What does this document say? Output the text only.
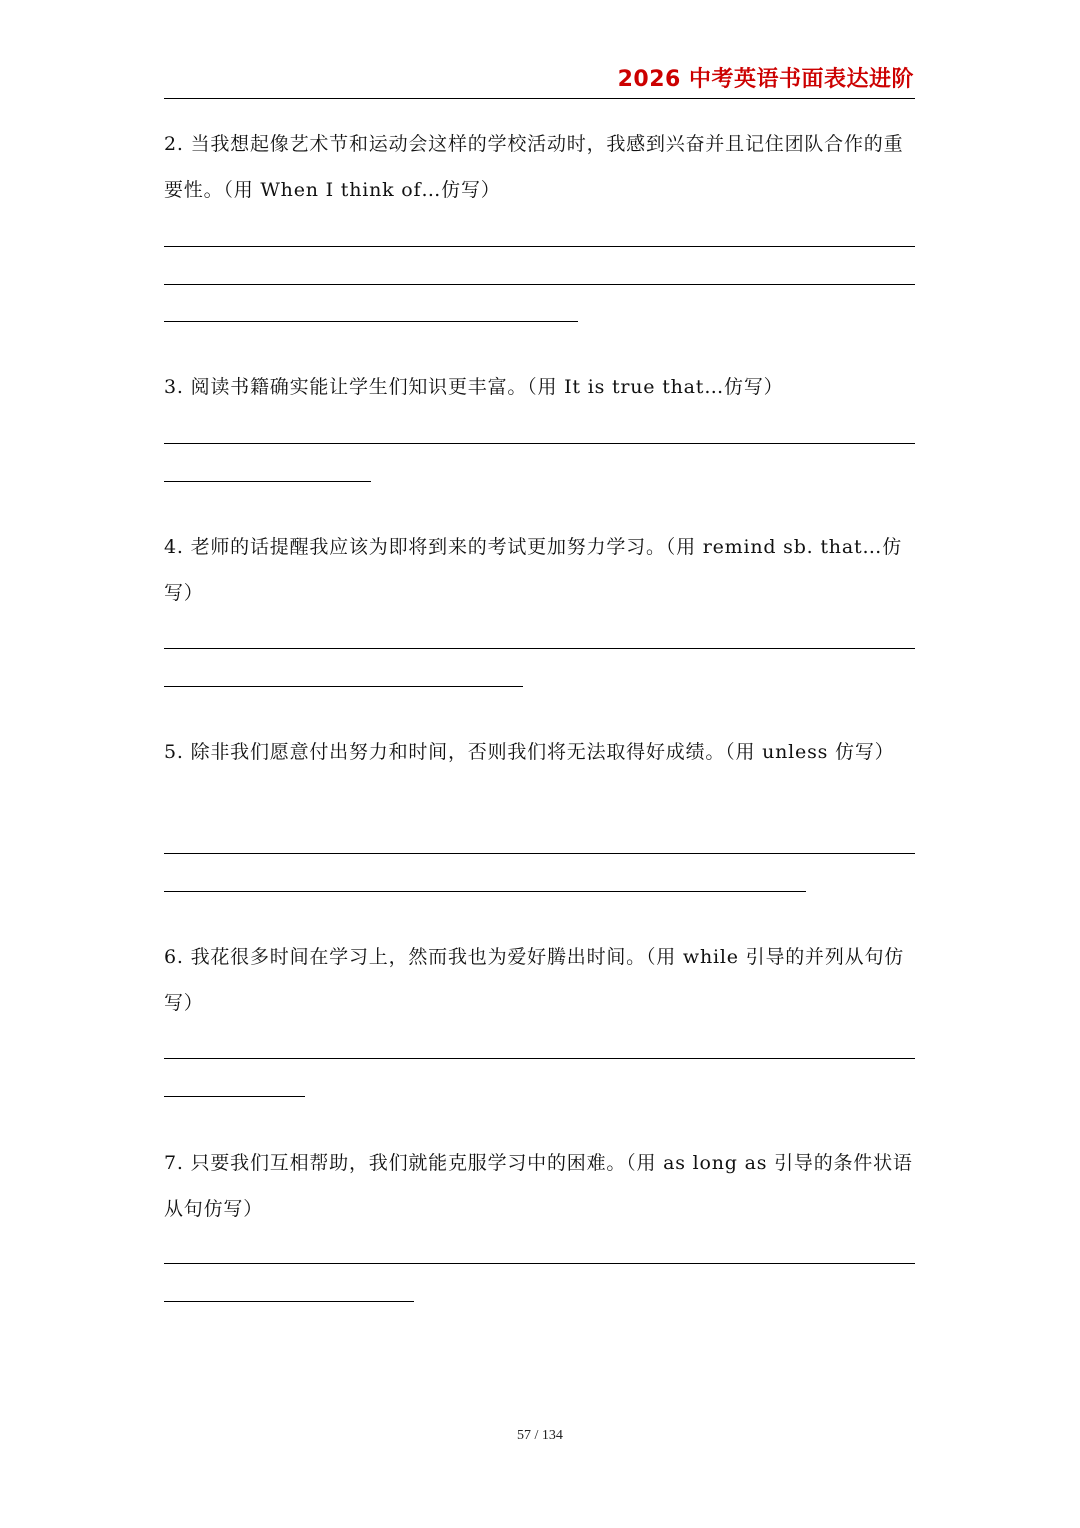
2026 中考英语书面表达进阶
2. 当我想起像艺术节和运动会这样的学校活动时，我感到兴奋并且记住团队合作的重要性。（用 When I think of…仿写）
3. 阅读书籍确实能让学生们知识更丰富。（用 It is true that…仿写）
4. 老师的话提醒我应该为即将到来的考试更加努力学习。（用 remind sb. that…仿写）
5. 除非我们愿意付出努力和时间，否则我们将无法取得好成绩。（用 unless 仿写）
6. 我花很多时间在学习上，然而我也为爱好腾出时间。（用 while 引导的并列从句仿写）
7. 只要我们互相帮助，我们就能克服学习中的困难。（用 as long as 引导的条件状语从句仿写）
57 / 134
